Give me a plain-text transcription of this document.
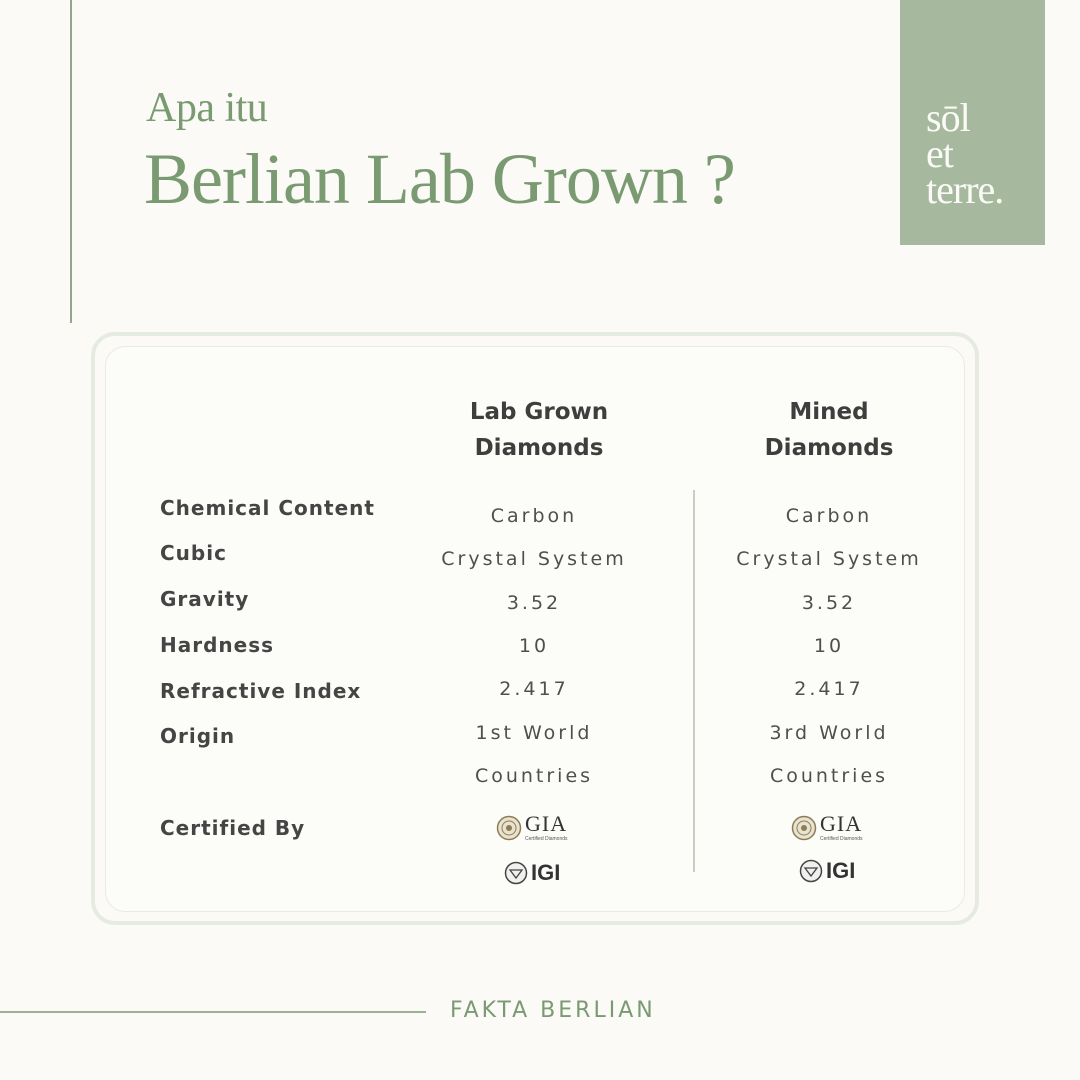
Apa itu
Berlian Lab Grown ?
sōl
et
terre.
Lab Grown
Diamonds
Mined
Diamonds
Chemical Content
Cubic
Gravity
Hardness
Refractive Index
Origin
Certified By
Carbon
Crystal System
3.52
10
2.417
1st World
Countries
Carbon
Crystal System
3.52
10
2.417
3rd World
Countries
GIA
Certified Diamonds
IGI
GIA
Certified Diamonds
IGI
FAKTA BERLIAN
